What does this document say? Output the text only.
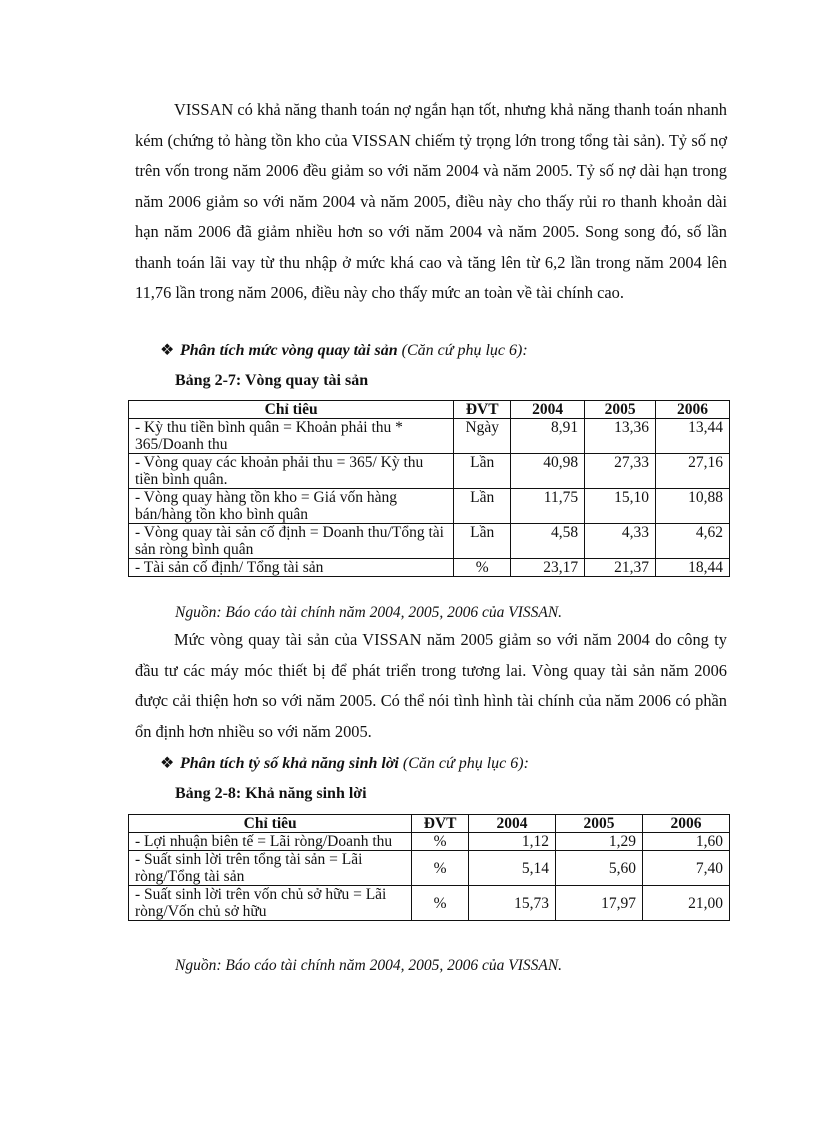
VISSAN có khả năng thanh toán nợ ngắn hạn tốt, nhưng khả năng thanh toán nhanh kém (chứng tỏ hàng tồn kho của VISSAN chiếm tỷ trọng lớn trong tổng tài sản). Tỷ số nợ trên vốn trong năm 2006 đều giảm so với năm 2004 và năm 2005. Tỷ số nợ dài hạn trong năm 2006 giảm so với năm 2004 và năm 2005, điều này cho thấy rủi ro thanh khoản dài hạn năm 2006 đã giảm nhiều hơn so với năm 2004 và năm 2005. Song song đó, số lần thanh toán lãi vay từ thu nhập ở mức khá cao và tăng lên từ 6,2 lần trong năm 2004 lên 11,76 lần trong năm 2006, điều này cho thấy mức an toàn về tài chính cao.

❖ Phân tích mức vòng quay tài sản (Căn cứ phụ lục 6):
Bảng 2-7: Vòng quay tài sản
Chỉ tiêu	ĐVT	2004	2005	2006
- Kỳ thu tiền bình quân = Khoản phải thu * 365/Doanh thu	Ngày	8,91	13,36	13,44
- Vòng quay các khoản phải thu = 365/ Kỳ thu tiền bình quân.	Lần	40,98	27,33	27,16
- Vòng quay hàng tồn kho = Giá vốn hàng bán/hàng tồn kho bình quân	Lần	11,75	15,10	10,88
- Vòng quay tài sản cố định = Doanh thu/Tổng tài sản ròng bình quân	Lần	4,58	4,33	4,62
- Tài sản cố định/ Tổng tài sản	%	23,17	21,37	18,44
Nguồn: Báo cáo tài chính năm 2004, 2005, 2006 của VISSAN.

Mức vòng quay tài sản của VISSAN năm 2005 giảm so với năm 2004 do công ty đầu tư các máy móc thiết bị để phát triển trong tương lai. Vòng quay tài sản năm 2006 được cải thiện hơn so với năm 2005. Có thể nói tình hình tài chính của năm 2006 có phần ổn định hơn nhiều so với năm 2005.

❖ Phân tích tỷ số khả năng sinh lời (Căn cứ phụ lục 6):
Bảng 2-8: Khả năng sinh lời
Chỉ tiêu	ĐVT	2004	2005	2006
- Lợi nhuận biên tế = Lãi ròng/Doanh thu	%	1,12	1,29	1,60
- Suất sinh lời trên tổng tài sản = Lãi ròng/Tổng tài sản	%	5,14	5,60	7,40
- Suất sinh lời trên vốn chủ sở hữu = Lãi ròng/Vốn chủ sở hữu	%	15,73	17,97	21,00
Nguồn: Báo cáo tài chính năm 2004, 2005, 2006 của VISSAN.
